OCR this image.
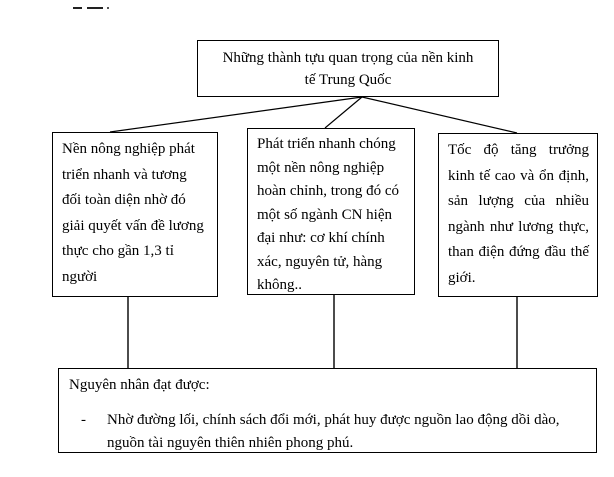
Những thành tựu quan trọng của nền kinh tế Trung Quốc
Nền nông nghiệp phát triển nhanh và tương đối toàn diện nhờ đó giải quyết vấn đề lương thực cho gần 1,3 tỉ người
Phát triển nhanh chóng một nền nông nghiệp hoàn chỉnh, trong đó có một số ngành CN hiện đại như: cơ khí chính xác, nguyên tử, hàng không..
Tốc độ tăng trưởng kinh tế cao và ổn định, sản lượng của nhiều ngành như lương thực, than điện đứng đầu thế giới.
Nguyên nhân đạt được:
-	Nhờ đường lối, chính sách đổi mới, phát huy được nguồn lao động dồi dào, nguồn tài nguyên thiên nhiên phong phú.
